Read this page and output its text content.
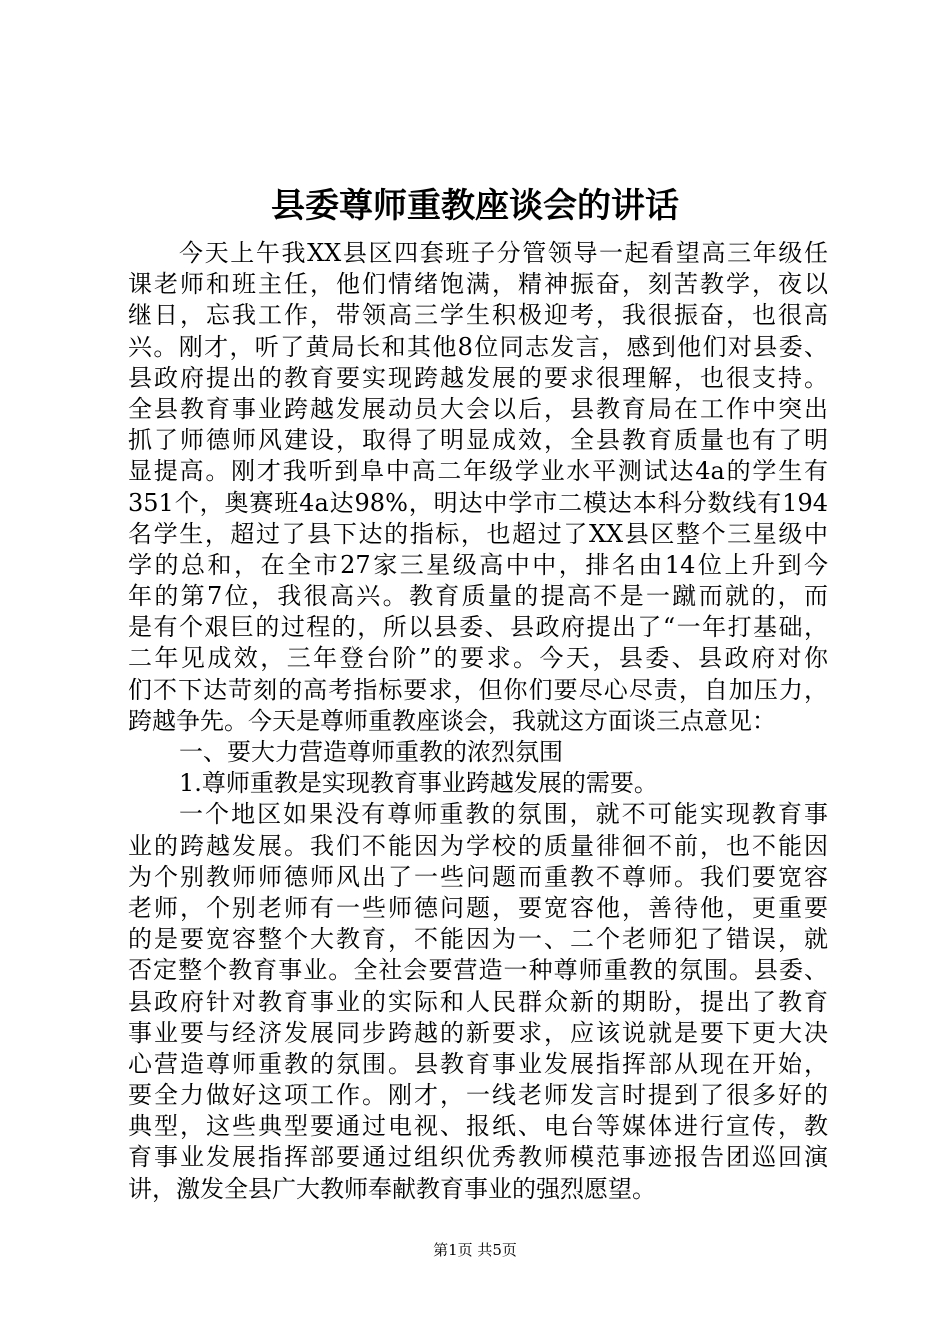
县委尊师重教座谈会的讲话
今天上午我XX县区四套班子分管领导一起看望高三年级任
课老师和班主任，他们情绪饱满，精神振奋，刻苦教学，夜以
继日，忘我工作，带领高三学生积极迎考，我很振奋，也很高
兴。刚才，听了黄局长和其他8位同志发言，感到他们对县委、
县政府提出的教育要实现跨越发展的要求很理解，也很支持。
全县教育事业跨越发展动员大会以后，县教育局在工作中突出
抓了师德师风建设，取得了明显成效，全县教育质量也有了明
显提高。刚才我听到阜中高二年级学业水平测试达4a的学生有
351个，奥赛班4a达98%，明达中学市二模达本科分数线有194
名学生，超过了县下达的指标，也超过了XX县区整个三星级中
学的总和，在全市27家三星级高中中，排名由14位上升到今
年的第7位，我很高兴。教育质量的提高不是一蹴而就的，而
是有个艰巨的过程的，所以县委、县政府提出了“一年打基础，
二年见成效，三年登台阶”的要求。今天，县委、县政府对你
们不下达苛刻的高考指标要求，但你们要尽心尽责，自加压力，
跨越争先。今天是尊师重教座谈会，我就这方面谈三点意见：
一、要大力营造尊师重教的浓烈氛围
1.尊师重教是实现教育事业跨越发展的需要。
一个地区如果没有尊师重教的氛围，就不可能实现教育事
业的跨越发展。我们不能因为学校的质量徘徊不前，也不能因
为个别教师师德师风出了一些问题而重教不尊师。我们要宽容
老师，个别老师有一些师德问题，要宽容他，善待他，更重要
的是要宽容整个大教育，不能因为一、二个老师犯了错误，就
否定整个教育事业。全社会要营造一种尊师重教的氛围。县委、
县政府针对教育事业的实际和人民群众新的期盼，提出了教育
事业要与经济发展同步跨越的新要求，应该说就是要下更大决
心营造尊师重教的氛围。县教育事业发展指挥部从现在开始，
要全力做好这项工作。刚才，一线老师发言时提到了很多好的
典型，这些典型要通过电视、报纸、电台等媒体进行宣传，教
育事业发展指挥部要通过组织优秀教师模范事迹报告团巡回演
讲，激发全县广大教师奉献教育事业的强烈愿望。
第1页 共5页
